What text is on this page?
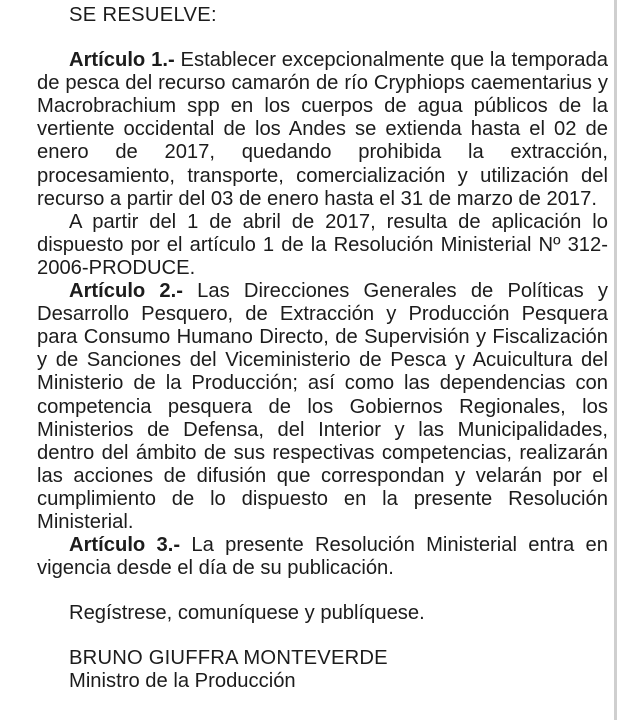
SE RESUELVE:

Artículo 1.- Establecer excepcionalmente que la temporada de pesca del recurso camarón de río Cryphiops caementarius y Macrobrachium spp en los cuerpos de agua públicos de la vertiente occidental de los Andes se extienda hasta el 02 de enero de 2017, quedando prohibida la extracción, procesamiento, transporte, comercialización y utilización del recurso a partir del 03 de enero hasta el 31 de marzo de 2017.

A partir del 1 de abril de 2017, resulta de aplicación lo dispuesto por el artículo 1 de la Resolución Ministerial Nº 312-2006-PRODUCE.

Artículo 2.- Las Direcciones Generales de Políticas y Desarrollo Pesquero, de Extracción y Producción Pesquera para Consumo Humano Directo, de Supervisión y Fiscalización y de Sanciones del Viceministerio de Pesca y Acuicultura del Ministerio de la Producción; así como las dependencias con competencia pesquera de los Gobiernos Regionales, los Ministerios de Defensa, del Interior y las Municipalidades, dentro del ámbito de sus respectivas competencias, realizarán las acciones de difusión que correspondan y velarán por el cumplimiento de lo dispuesto en la presente Resolución Ministerial.

Artículo 3.- La presente Resolución Ministerial entra en vigencia desde el día de su publicación.

Regístrese, comuníquese y publíquese.
BRUNO GIUFFRA MONTEVERDE
Ministro de la Producción
